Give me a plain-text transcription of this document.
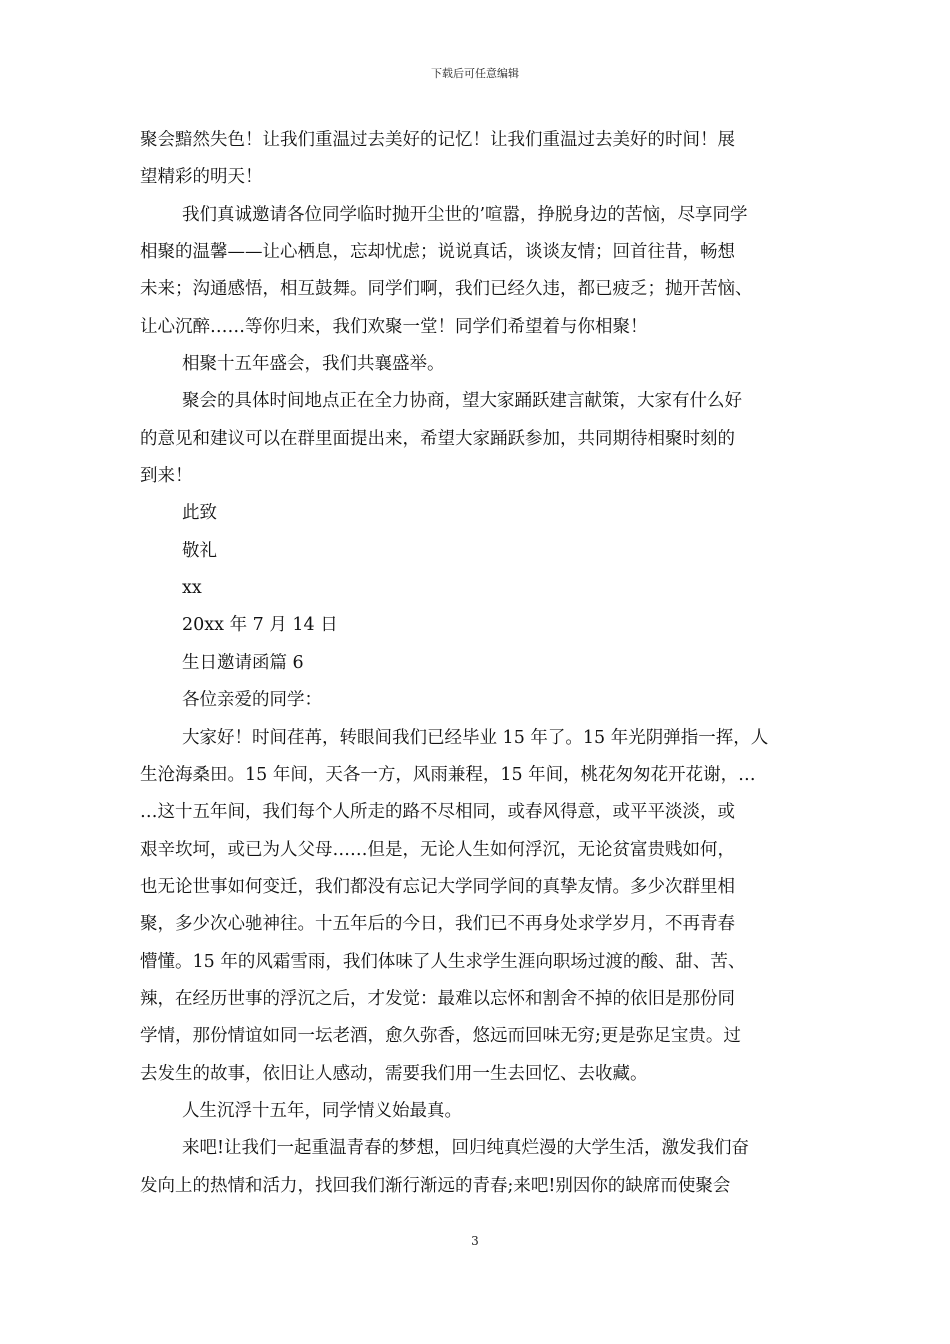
下载后可任意编辑
聚会黯然失色！让我们重温过去美好的记忆！让我们重温过去美好的时间！展
望精彩的明天！
我们真诚邀请各位同学临时抛开尘世的’喧嚣，挣脱身边的苦恼，尽享同学
相聚的温馨——让心栖息，忘却忧虑；说说真话，谈谈友情；回首往昔，畅想
未来；沟通感悟，相互鼓舞。同学们啊，我们已经久违，都已疲乏；抛开苦恼、
让心沉醉……等你归来，我们欢聚一堂！同学们希望着与你相聚！
相聚十五年盛会，我们共襄盛举。
聚会的具体时间地点正在全力协商，望大家踊跃建言献策，大家有什么好
的意见和建议可以在群里面提出来，希望大家踊跃参加，共同期待相聚时刻的
到来！
此致
敬礼
xx
20xx 年 7 月 14 日
生日邀请函篇 6
各位亲爱的同学：
大家好！时间荏苒，转眼间我们已经毕业 15 年了。15 年光阴弹指一挥，人
生沧海桑田。15 年间，天各一方，风雨兼程，15 年间，桃花匆匆花开花谢，…
…这十五年间，我们每个人所走的路不尽相同，或春风得意，或平平淡淡，或
艰辛坎坷，或已为人父母……但是，无论人生如何浮沉，无论贫富贵贱如何，
也无论世事如何变迁，我们都没有忘记大学同学间的真挚友情。多少次群里相
聚，多少次心驰神往。十五年后的今日，我们已不再身处求学岁月，不再青春
懵懂。15 年的风霜雪雨，我们体味了人生求学生涯向职场过渡的酸、甜、苦、
辣，在经历世事的浮沉之后，才发觉：最难以忘怀和割舍不掉的依旧是那份同
学情，那份情谊如同一坛老酒，愈久弥香，悠远而回味无穷;更是弥足宝贵。过
去发生的故事，依旧让人感动，需要我们用一生去回忆、去收藏。
人生沉浮十五年，同学情义始最真。
来吧!让我们一起重温青春的梦想，回归纯真烂漫的大学生活，激发我们奋
发向上的热情和活力，找回我们渐行渐远的青春;来吧!别因你的缺席而使聚会
3
